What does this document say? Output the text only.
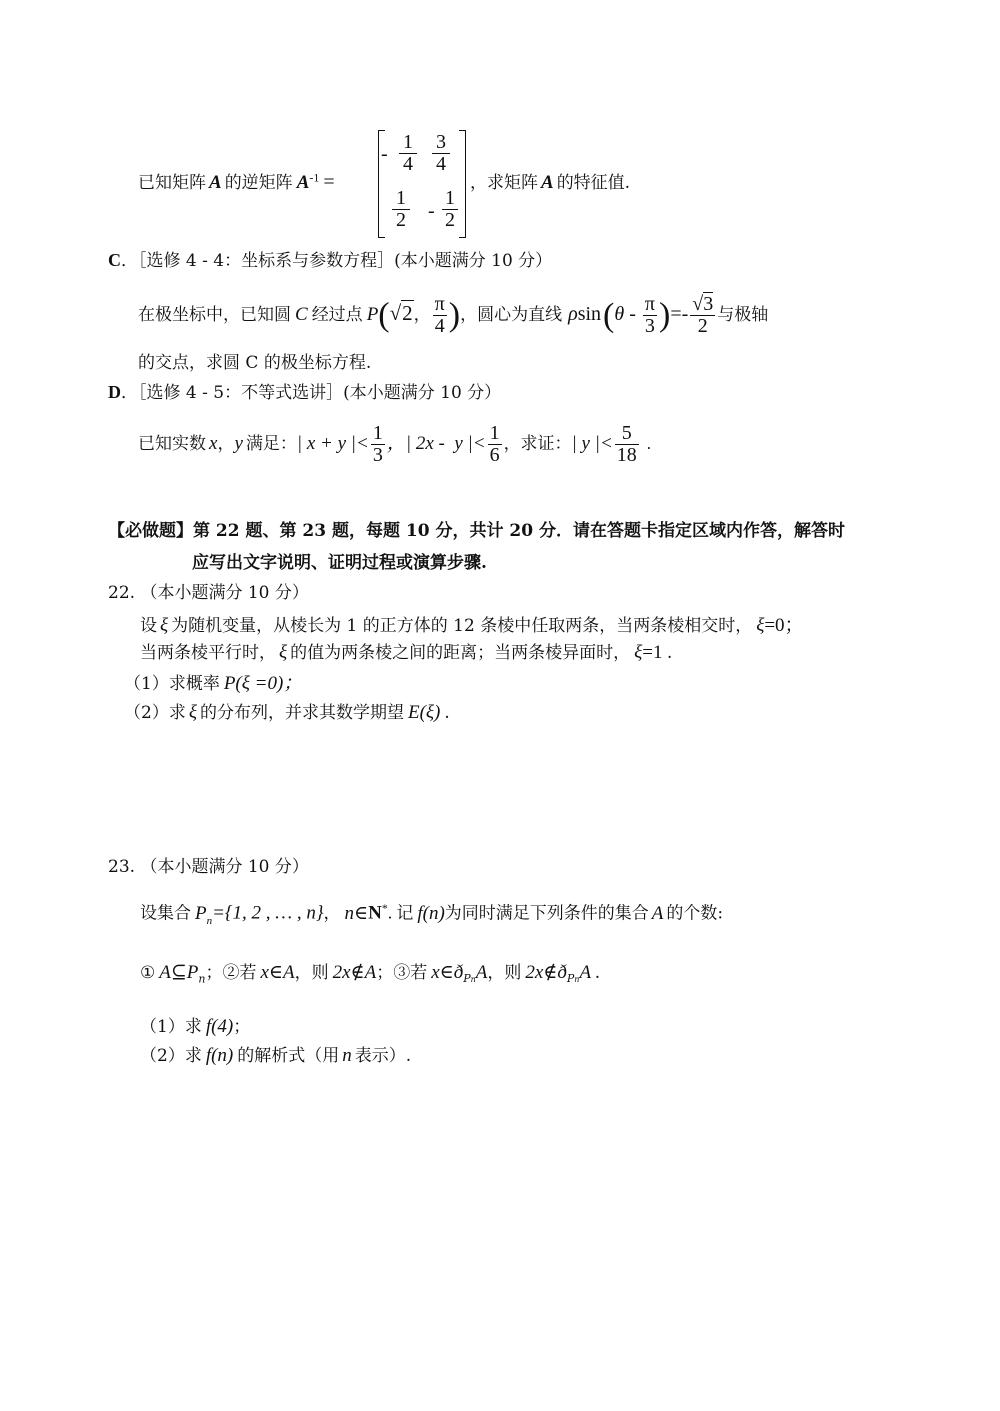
已知矩阵 A 的逆矩阵 $A^{-1}$ =
-
1
$4 \frac{3}{4}$
$\frac{1}{2}$ -
1
2
，求矩阵 A 的特征值.
C．［选修 4 - 4：坐标系与参数方程］(本小题满分 10 分）
在极坐标中，已知圆 C 经过点 P(√2， $\frac{\pi}{4}$ )，圆心为直线 $\rho\sin(\theta - \frac{\pi}{3}$ )=- $\frac{√3}{2}$ 与极轴
的交点，求圆 C 的极坐标方程.
D．［选修 4 - 5：不等式选讲］(本小题满分 10 分）
已知实数 x，y 满足：| x + y |< $\frac{1}{3}$ ，| 2x -  y |< $\frac{1}{6}$ ，求证：| y |< $\frac{5}{18}$ .
【必做题】第 22 题、第 23 题，每题 10 分，共计 20 分．请在答题卡指定区域内作答，解答时
应写出文字说明、证明过程或演算步骤.
22. （本小题满分 10 分）
设 ξ 为随机变量，从棱长为 1 的正方体的 12 条棱中任取两条，当两条棱相交时， ξ=0；
当两条棱平行时， ξ 的值为两条棱之间的距离；当两条棱异面时， ξ=1 .
（1）求概率 P(ξ =0)；
（2）求 ξ 的分布列，并求其数学期望 E(ξ) .
23. （本小题满分 10 分）
设集合 $P_n=\{1$, 2 , … , n}， n∈N*. 记 f(n)为同时满足下列条件的集合 A 的个数:
① $A⊆P_n$；②若 x∈A，则 2x∉A；③若 $x\in ð_{Pn}A$，则 $2x\notin ð_{Pn}A$ .
（1）求 f(4)；
（2）求 f(n) 的解析式（用 n 表示）.
